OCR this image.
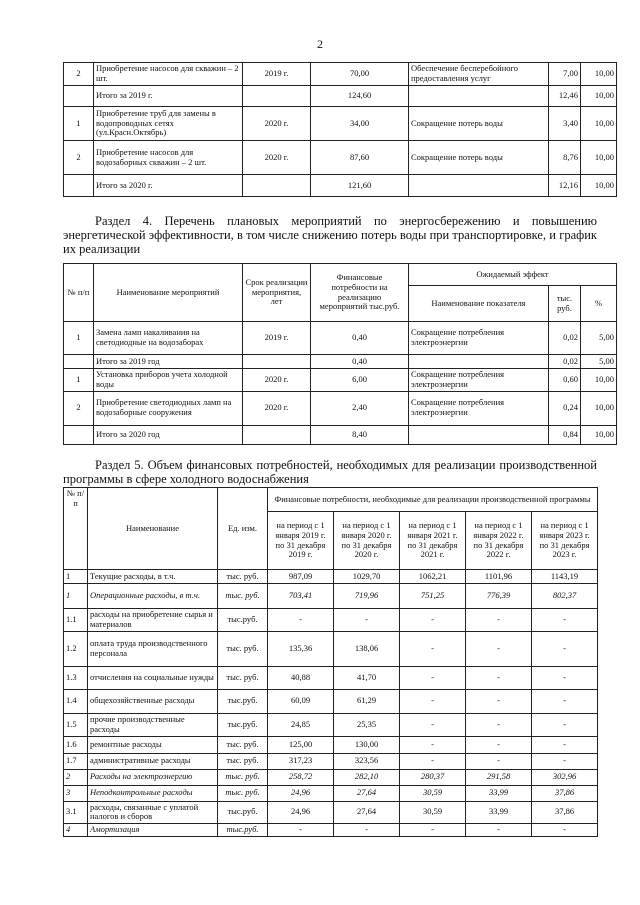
2
2	Приобретение насосов для скважин – 2 шт.	2019 г.	70,00	Обеспечение бесперебойного предоставления услуг	7,00	10,00
	Итого за 2019 г.		124,60		12,46	10,00
1	Приобретение труб для замены в водопроводных сетях (ул.Красн.Октябрь)	2020 г.	34,00	Сокращение потерь воды	3,40	10,00
2	Приобретение насосов для водозаборных скважин – 2 шт.	2020 г.	87,60	Сокращение потерь воды	8,76	10,00
	Итого за 2020 г.		121,60		12,16	10,00
Раздел 4. Перечень плановых мероприятий по энергосбережению и повышению энергетической эффективности, в том числе снижению потерь воды при транспортировке, и график их реализации
№ п/п	Наименование мероприятий	Срок реализации мероприятия, лет	Финансовые потребности на реализацию мероприятий тыс.руб.	Ожидаемый эффект		
				Наименование показателя	тыс. руб.	%
1	Замена ламп накаливания на светодиодные на водозаборах	2019 г.	0,40	Сокращение потребления электроэнергии	0,02	5,00
	Итого за 2019 год		0,40		0,02	5,00
1	Установка приборов учета холодной воды	2020 г.	6,00	Сокращение потребления электроэнергии	0,60	10,00
2	Приобретение светодиодных ламп на водозаборные сооружения	2020 г.	2,40	Сокращение потребления электроэнергии	0,24	10,00
	Итого за 2020 год		8,40		0,84	10,00
Раздел 5. Объем финансовых потребностей, необходимых для реализации производственной программы в сфере холодного водоснабжения
№ п/п	Наименование	Ед. изм.	Финансовые потребности, необходимые для реализации производственной программы				
			на период с 1 января 2019 г. по 31 декабря 2019 г.	на период с 1 января 2020 г. по 31 декабря 2020 г.	на период с 1 января 2021 г. по 31 декабря 2021 г.	на период с 1 января 2022 г. по 31 декабря 2022 г.	на период с 1 января 2023 г. по 31 декабря 2023 г.
1	Текущие расходы, в т.ч.	тыс. руб.	987,09	1029,70	1062,21	1101,96	1143,19
1	Операционные расходы, в т.ч.	тыс. руб.	703,41	719,96	751,25	776,39	802,37
1.1	расходы на приобретение сырья и материалов	тыс.руб.	-	-	-	-	-
1.2	оплата труда производственного персонала	тыс. руб.	135,36	138,06	-	-	-
1.3	отчисления на социальные нужды	тыс. руб.	40,88	41,70	-	-	-
1.4	общехозяйственные расходы	тыс.руб.	60,09	61,29	-	-	-
1.5	прочие производственные расходы	тыс.руб.	24,85	25,35	-	-	-
1.6	ремонтные расходы	тыс. руб.	125,00	130,00	-	-	-
1.7	административные расходы	тыс. руб.	317,23	323,56	-	-	-
2	Расходы на электроэнергию	тыс. руб.	258,72	282,10	280,37	291,58	302,96
3	Неподконтрольные расходы	тыс. руб.	24,96	27,64	30,59	33,99	37,86
3.1	расходы, связанные с уплатой налогов и сборов	тыс.руб.	24,96	27,64	30,59	33,99	37,86
4	Амортизация	тыс.руб.	-	-	-	-	-
